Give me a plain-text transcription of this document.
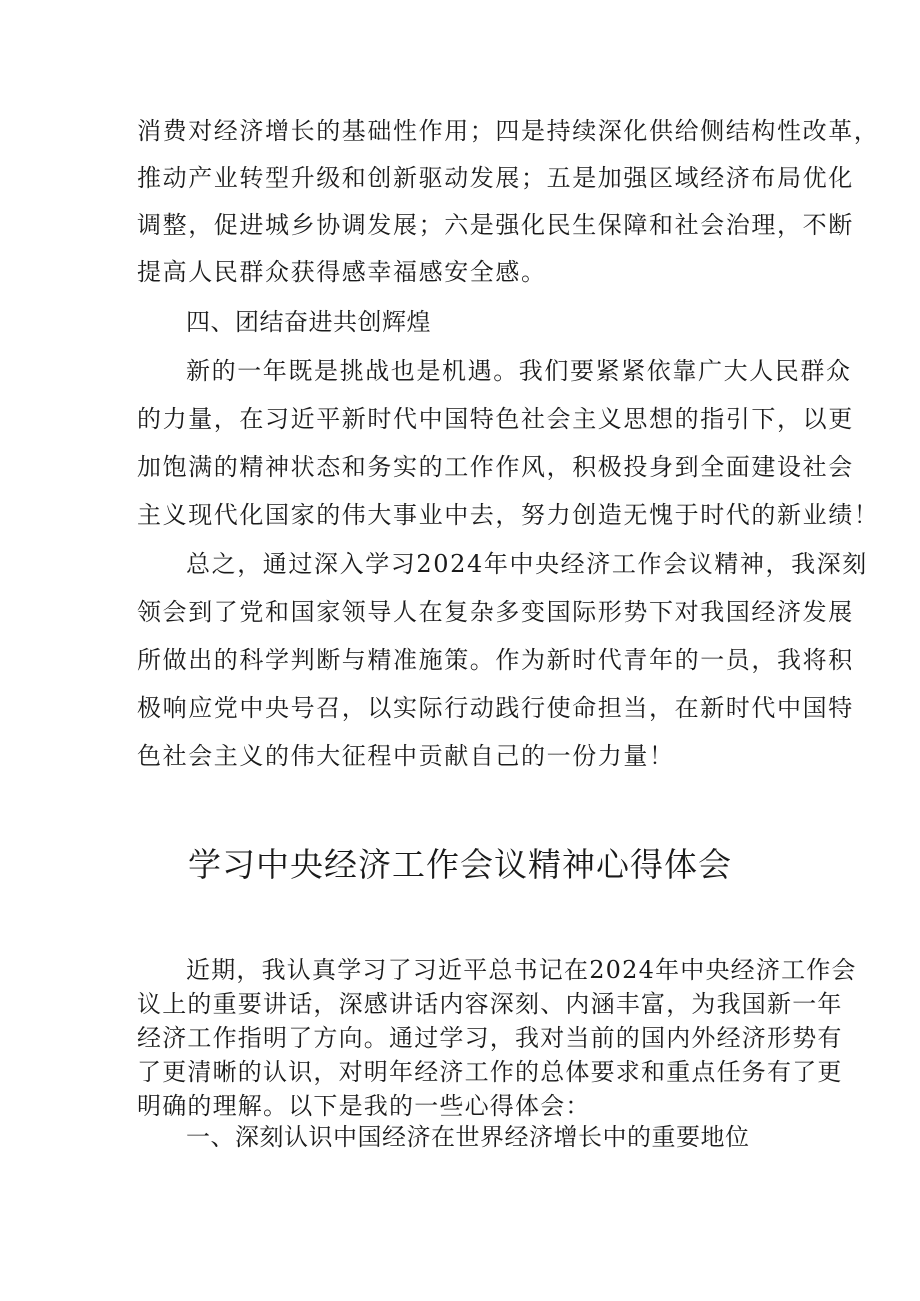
消费对经济增长的基础性作用；四是持续深化供给侧结构性改革，
推动产业转型升级和创新驱动发展；五是加强区域经济布局优化
调整，促进城乡协调发展；六是强化民生保障和社会治理，不断
提高人民群众获得感幸福感安全感。
四、团结奋进共创辉煌
新的一年既是挑战也是机遇。我们要紧紧依靠广大人民群众
的力量，在习近平新时代中国特色社会主义思想的指引下，以更
加饱满的精神状态和务实的工作作风，积极投身到全面建设社会
主义现代化国家的伟大事业中去，努力创造无愧于时代的新业绩！
总之，通过深入学习2024年中央经济工作会议精神，我深刻
领会到了党和国家领导人在复杂多变国际形势下对我国经济发展
所做出的科学判断与精准施策。作为新时代青年的一员，我将积
极响应党中央号召，以实际行动践行使命担当，在新时代中国特
色社会主义的伟大征程中贡献自己的一份力量！
学习中央经济工作会议精神心得体会
近期，我认真学习了习近平总书记在2024年中央经济工作会
议上的重要讲话，深感讲话内容深刻、内涵丰富，为我国新一年
经济工作指明了方向。通过学习，我对当前的国内外经济形势有
了更清晰的认识，对明年经济工作的总体要求和重点任务有了更
明确的理解。以下是我的一些心得体会：
一、深刻认识中国经济在世界经济增长中的重要地位
